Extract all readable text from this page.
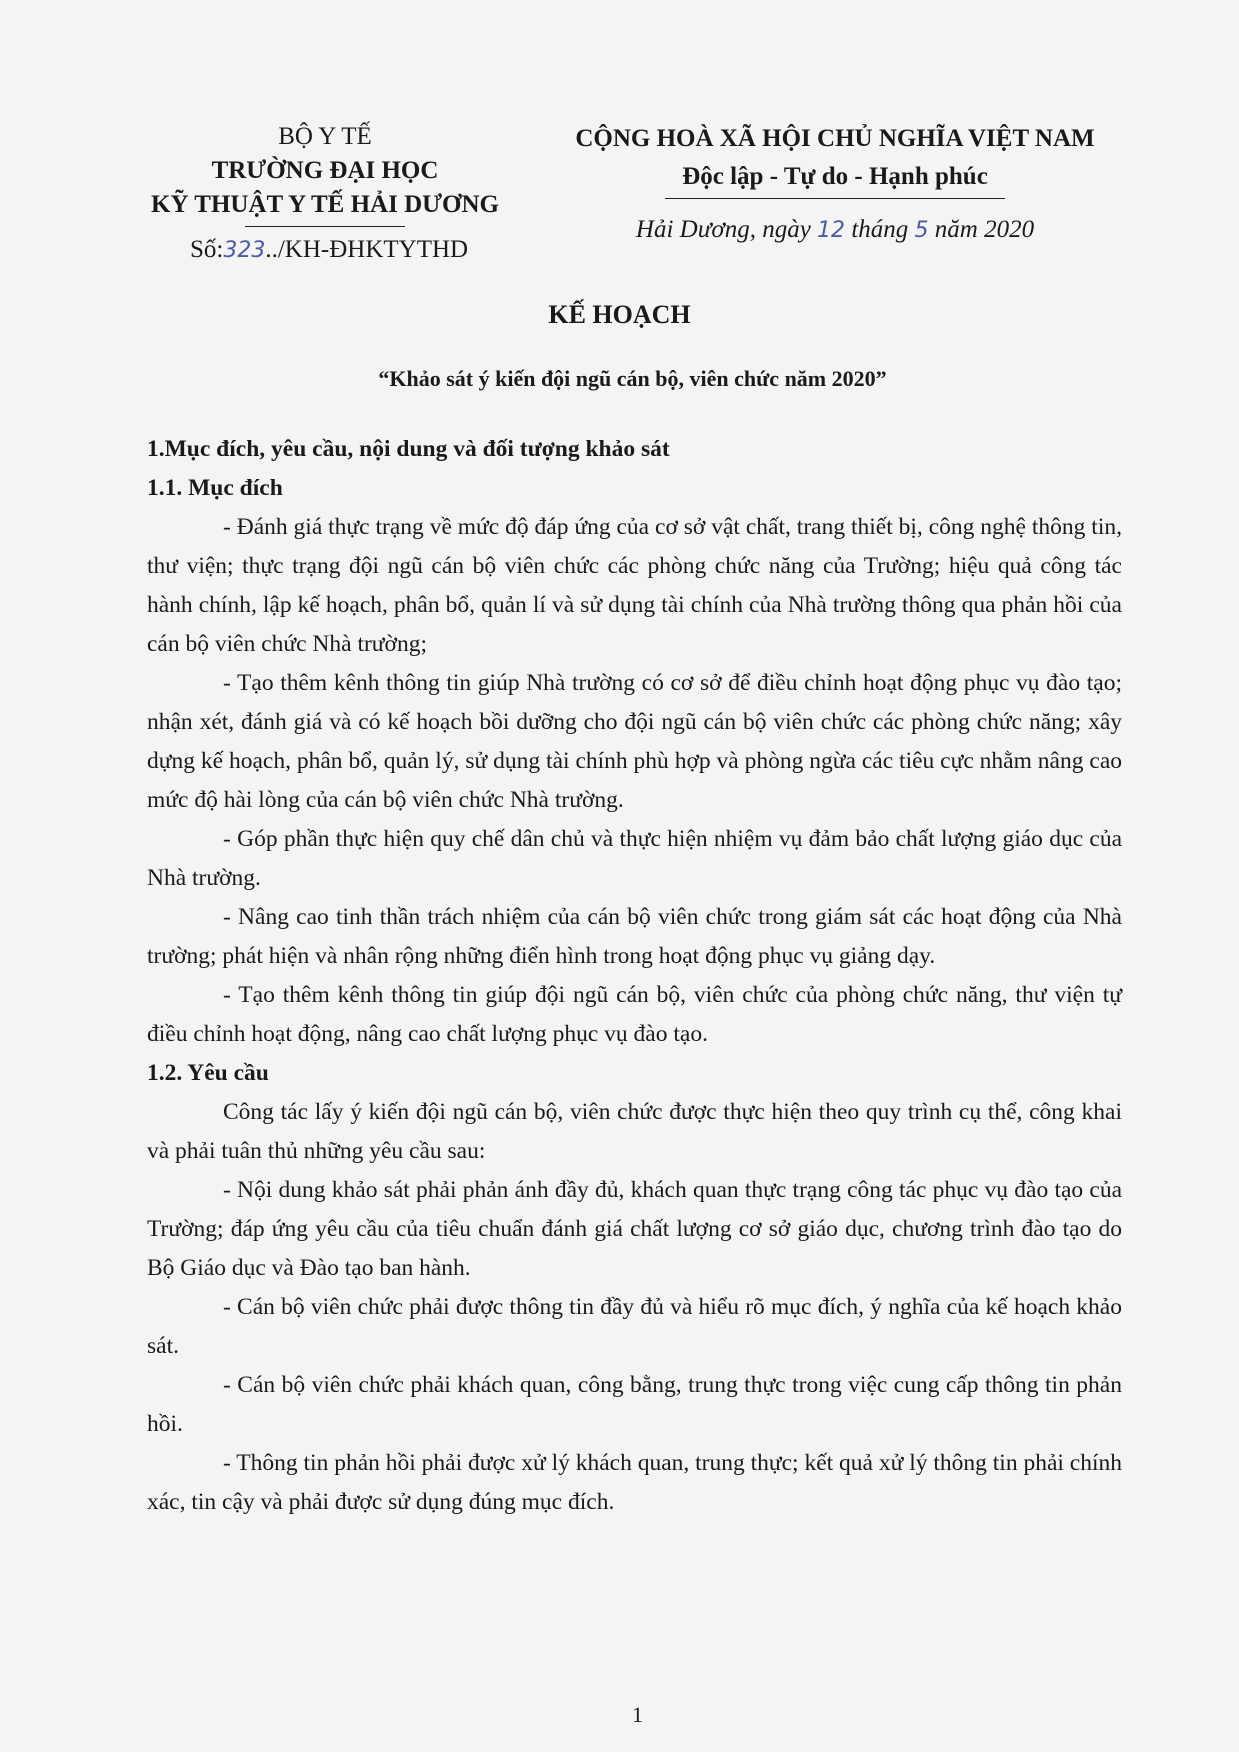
BỘ Y TẾ
TRƯỜNG ĐẠI HỌC
KỸ THUẬT Y TẾ HẢI DƯƠNG
Số:323../KH-ĐHKTYTHD
CỘNG HOÀ XÃ HỘI CHỦ NGHĨA VIỆT NAM
Độc lập - Tự do - Hạnh phúc
Hải Dương, ngày 12 tháng 5 năm 2020
KẾ HOẠCH
“Khảo sát ý kiến đội ngũ cán bộ, viên chức năm 2020”

1.Mục đích, yêu cầu, nội dung và đối tượng khảo sát

1.1. Mục đích

- Đánh giá thực trạng về mức độ đáp ứng của cơ sở vật chất, trang thiết bị, công nghệ thông tin, thư viện; thực trạng đội ngũ cán bộ viên chức các phòng chức năng của Trường; hiệu quả công tác hành chính, lập kế hoạch, phân bổ, quản lí và sử dụng tài chính của Nhà trường thông qua phản hồi của cán bộ viên chức Nhà trường;

- Tạo thêm kênh thông tin giúp Nhà trường có cơ sở để điều chỉnh hoạt động phục vụ đào tạo; nhận xét, đánh giá và có kế hoạch bồi dưỡng cho đội ngũ cán bộ viên chức các phòng chức năng; xây dựng kế hoạch, phân bổ, quản lý, sử dụng tài chính phù hợp và phòng ngừa các tiêu cực nhằm nâng cao mức độ hài lòng của cán bộ viên chức Nhà trường.

- Góp phần thực hiện quy chế dân chủ và thực hiện nhiệm vụ đảm bảo chất lượng giáo dục của Nhà trường.

- Nâng cao tinh thần trách nhiệm của cán bộ viên chức trong giám sát các hoạt động của Nhà trường; phát hiện và nhân rộng những điển hình trong hoạt động phục vụ giảng dạy.

- Tạo thêm kênh thông tin giúp đội ngũ cán bộ, viên chức của phòng chức năng, thư viện tự điều chỉnh hoạt động, nâng cao chất lượng phục vụ đào tạo.

1.2. Yêu cầu

Công tác lấy ý kiến đội ngũ cán bộ, viên chức được thực hiện theo quy trình cụ thể, công khai và phải tuân thủ những yêu cầu sau:

- Nội dung khảo sát phải phản ánh đầy đủ, khách quan thực trạng công tác phục vụ đào tạo của Trường; đáp ứng yêu cầu của tiêu chuẩn đánh giá chất lượng cơ sở giáo dục, chương trình đào tạo do Bộ Giáo dục và Đào tạo ban hành.

- Cán bộ viên chức phải được thông tin đầy đủ và hiểu rõ mục đích, ý nghĩa của kế hoạch khảo sát.

- Cán bộ viên chức phải khách quan, công bằng, trung thực trong việc cung cấp thông tin phản hồi.

- Thông tin phản hồi phải được xử lý khách quan, trung thực; kết quả xử lý thông tin phải chính xác, tin cậy và phải được sử dụng đúng mục đích.

1
